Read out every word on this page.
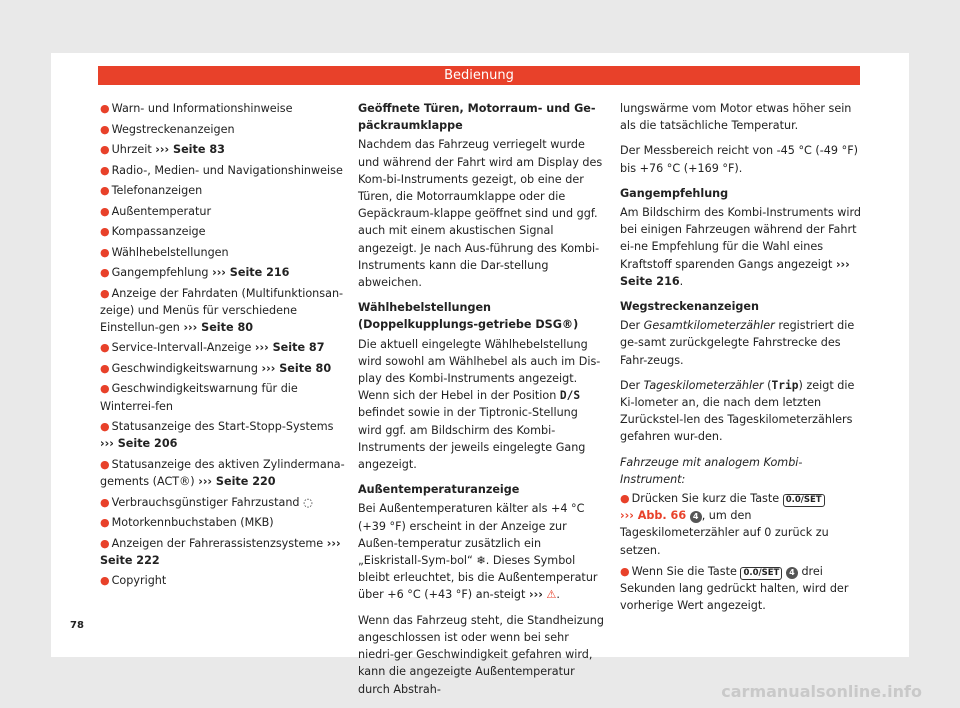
Bedienung
● Warn- und Informationshinweise
● Wegstreckenanzeigen
● Uhrzeit ››› Seite 83
● Radio-, Medien- und Navigationshinweise
● Telefonanzeigen
● Außentemperatur
● Kompassanzeige
● Wählhebelstellungen
● Gangempfehlung ››› Seite 216
● Anzeige der Fahrdaten (Multifunktionsan-zeige) und Menüs für verschiedene Einstellun-gen ››› Seite 80
● Service-Intervall-Anzeige ››› Seite 87
● Geschwindigkeitswarnung ››› Seite 80
● Geschwindigkeitswarnung für die Winterrei-fen
● Statusanzeige des Start-Stopp-Systems ››› Seite 206
● Statusanzeige des aktiven Zylindermana-gements (ACT®) ››› Seite 220
● Verbrauchsgünstiger Fahrzustand ◌
● Motorkennbuchstaben (MKB)
● Anzeigen der Fahrerassistenzsysteme ››› Seite 222
● Copyright

Geöffnete Türen, Motorraum- und Ge-päckraumklappe

Nachdem das Fahrzeug verriegelt wurde und während der Fahrt wird am Display des Kom-bi-Instruments gezeigt, ob eine der Türen, die Motorraumklappe oder die Gepäckraum-klappe geöffnet sind und ggf. auch mit einem akustischen Signal angezeigt. Je nach Aus-führung des Kombi-Instruments kann die Dar-stellung abweichen.

Wählhebelstellungen (Doppelkupplungs-getriebe DSG®)

Die aktuell eingelegte Wählhebelstellung wird sowohl am Wählhebel als auch im Dis-play des Kombi-Instruments angezeigt. Wenn sich der Hebel in der Position D/S befindet sowie in der Tiptronic-Stellung wird ggf. am Bildschirm des Kombi-Instruments der jeweils eingelegte Gang angezeigt.

Außentemperaturanzeige

Bei Außentemperaturen kälter als +4 °C (+39 °F) erscheint in der Anzeige zur Außen-temperatur zusätzlich ein „Eiskristall-Sym-bol“ ❄. Dieses Symbol bleibt erleuchtet, bis die Außentemperatur über +6 °C (+43 °F) an-steigt ››› ⚠.

Wenn das Fahrzeug steht, die Standheizung angeschlossen ist oder wenn bei sehr niedri-ger Geschwindigkeit gefahren wird, kann die angezeigte Außentemperatur durch Abstrah-

lungswärme vom Motor etwas höher sein als die tatsächliche Temperatur.

Der Messbereich reicht von -45 °C (-49 °F) bis +76 °C (+169 °F).

Gangempfehlung

Am Bildschirm des Kombi-Instruments wird bei einigen Fahrzeugen während der Fahrt ei-ne Empfehlung für die Wahl eines Kraftstoff sparenden Gangs angezeigt ››› Seite 216.

Wegstreckenanzeigen

Der Gesamtkilometerzähler registriert die ge-samt zurückgelegte Fahrstrecke des Fahr-zeugs.

Der Tageskilometerzähler (Trip) zeigt die Ki-lometer an, die nach dem letzten Zurückstel-len des Tageskilometerzählers gefahren wur-den.

Fahrzeuge mit analogem Kombi-Instrument:

● Drücken Sie kurz die Taste 0.0/SET
››› Abb. 66 4 , um den Tageskilometerzähler auf 0 zurück zu setzen.

● Wenn Sie die Taste 0.0/SET 4 drei Sekunden lang gedrückt halten, wird der vorherige Wert angezeigt.

78
carmanualsonline.info
